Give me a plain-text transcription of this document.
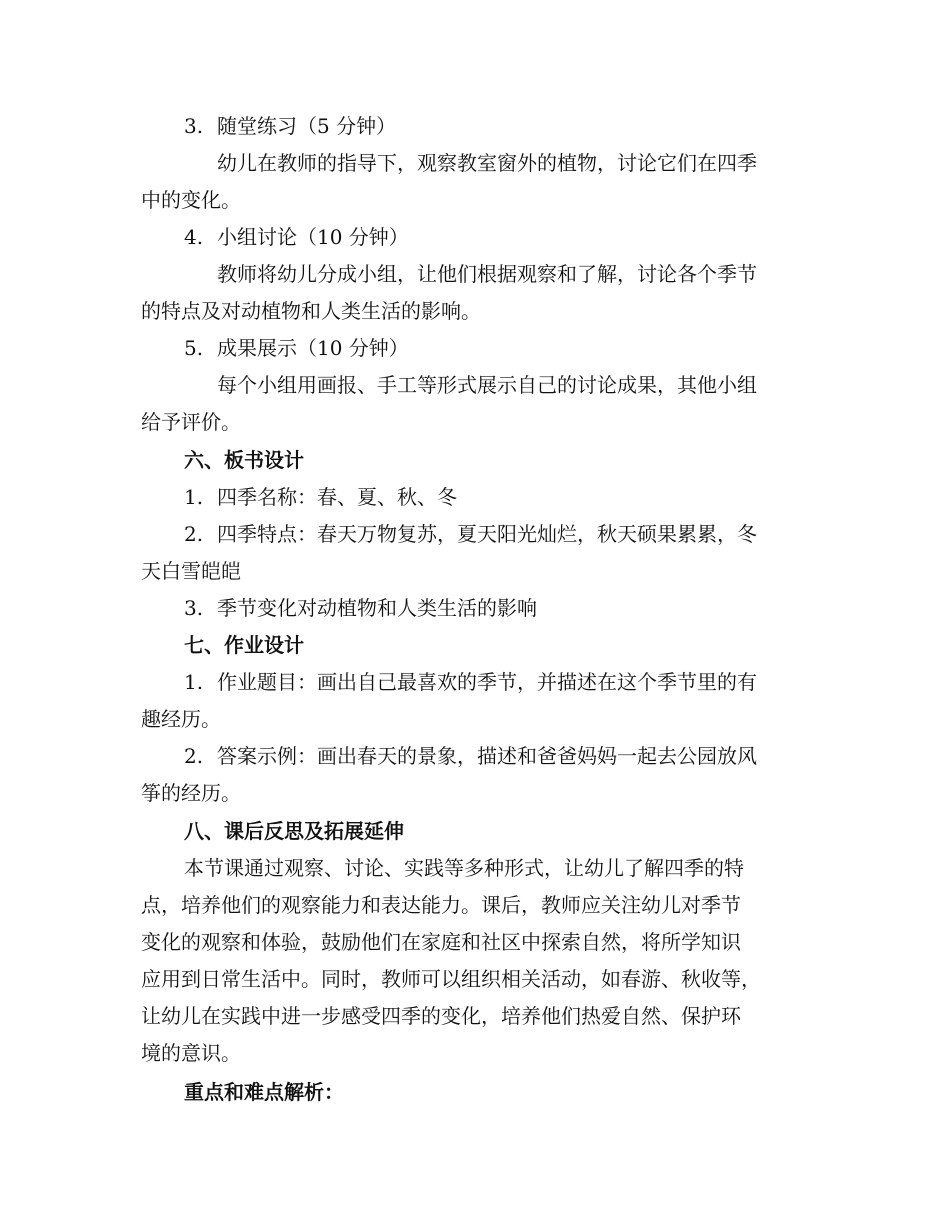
3. 随堂练习（5 分钟）
幼儿在教师的指导下，观察教室窗外的植物，讨论它们在四季
中的变化。
4. 小组讨论（10 分钟）
教师将幼儿分成小组，让他们根据观察和了解，讨论各个季节
的特点及对动植物和人类生活的影响。
5. 成果展示（10 分钟）
每个小组用画报、手工等形式展示自己的讨论成果，其他小组
给予评价。
六、板书设计
1. 四季名称：春、夏、秋、冬
2. 四季特点：春天万物复苏，夏天阳光灿烂，秋天硕果累累，冬
天白雪皑皑
3. 季节变化对动植物和人类生活的影响
七、作业设计
1. 作业题目：画出自己最喜欢的季节，并描述在这个季节里的有
趣经历。
2. 答案示例：画出春天的景象，描述和爸爸妈妈一起去公园放风
筝的经历。
八、课后反思及拓展延伸
本节课通过观察、讨论、实践等多种形式，让幼儿了解四季的特
点，培养他们的观察能力和表达能力。课后，教师应关注幼儿对季节
变化的观察和体验，鼓励他们在家庭和社区中探索自然，将所学知识
应用到日常生活中。同时，教师可以组织相关活动，如春游、秋收等，
让幼儿在实践中进一步感受四季的变化，培养他们热爱自然、保护环
境的意识。
重点和难点解析：
